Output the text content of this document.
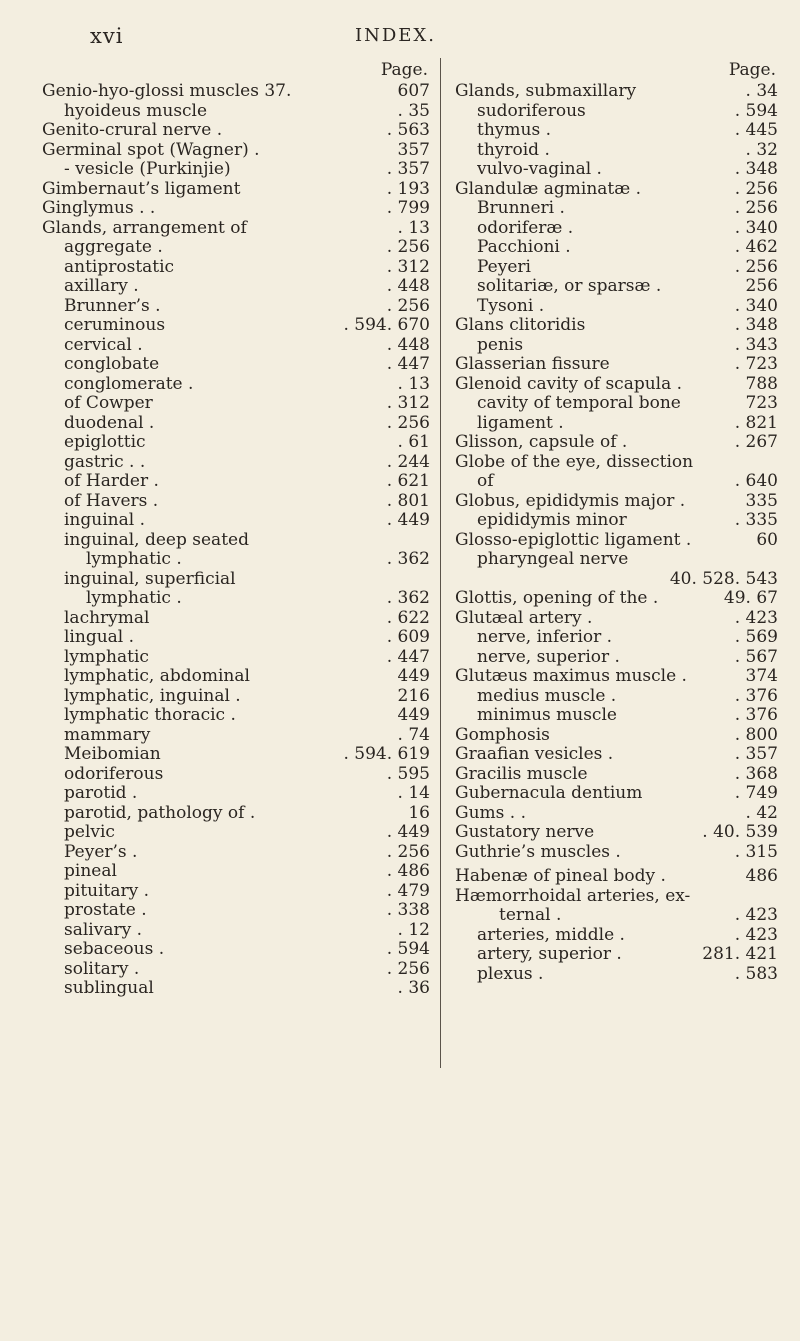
xvi	INDEX.
Page.
Genio-hyo-glossi muscles 37.	607
hyoideus muscle	. 35
Genito-crural nerve .	. 563
Germinal spot (Wagner) .	357
- vesicle (Purkinjie)	. 357
Gimbernaut’s ligament	. 193
Ginglymus . .	. 799
Glands, arrangement of	. 13
aggregate .	. 256
antiprostatic	. 312
axillary .	. 448
Brunner’s .	. 256
ceruminous	. 594. 670
cervical .	. 448
conglobate	. 447
conglomerate .	. 13
of Cowper	. 312
duodenal .	. 256
epiglottic	. 61
gastric . .	. 244
of Harder .	. 621
of Havers .	. 801
inguinal .	. 449
inguinal, deep seated
lymphatic .	. 362
inguinal, superficial
lymphatic .	. 362
lachrymal	. 622
lingual .	. 609
lymphatic	. 447
lymphatic, abdominal	449
lymphatic, inguinal .	216
lymphatic thoracic .	449
mammary	. 74
Meibomian	. 594. 619
odoriferous	. 595
parotid .	. 14
parotid, pathology of .	16
pelvic	. 449
Peyer’s .	. 256
pineal	. 486
pituitary .	. 479
prostate .	. 338
salivary .	. 12
sebaceous .	. 594
solitary .	. 256
sublingual	. 36
Page.
Glands, submaxillary	. 34
sudoriferous	. 594
thymus .	. 445
thyroid .	. 32
vulvo-vaginal .	. 348
Glandulæ agminatæ .	. 256
Brunneri .	. 256
odoriferæ .	. 340
Pacchioni .	. 462
Peyeri	. 256
solitariæ, or sparsæ .	256
Tysoni .	. 340
Glans clitoridis	. 348
penis	. 343
Glasserian fissure	. 723
Glenoid cavity of scapula .	788
cavity of temporal bone	723
ligament .	. 821
Glisson, capsule of .	. 267
Globe of the eye, dissection
of	. 640
Globus, epididymis major .	335
epididymis minor	. 335
Glosso-epiglottic ligament .	60
pharyngeal nerve
40. 528. 543
Glottis, opening of the .	49. 67
Glutæal artery .	. 423
nerve, inferior .	. 569
nerve, superior .	. 567
Glutæus maximus muscle .	374
medius muscle .	. 376
minimus muscle	. 376
Gomphosis	. 800
Graafian vesicles .	. 357
Gracilis muscle	. 368
Gubernacula dentium	. 749
Gums . .	. 42
Gustatory nerve	. 40. 539
Guthrie’s muscles .	. 315
Habenæ of pineal body .	486
Hæmorrhoidal arteries, ex-
ternal .	. 423
arteries, middle .	. 423
artery, superior .	281. 421
plexus .	. 583
